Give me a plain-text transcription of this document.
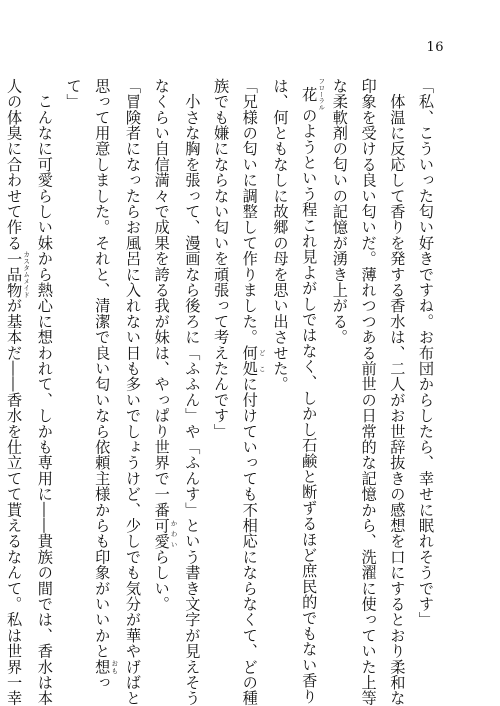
16
「私、こういった匂い好きですね。お布団からしたら、幸せに眠れそうです」
　体温に反応して香りを発する香水は、二人がお世辞抜きの感想を口にするとおり柔和な
印象を受ける良い匂いだ。薄れつつある前世の日常的な記憶から、洗濯に使っていた上等
な柔軟剤の匂いの記憶が湧き上がる。
花 フローラルのようという程これ見よがしではなく、しかし石鹸と断ずるほど庶民的でもない香り
は、何ともなしに故郷の母を思い出させた。
「兄様の匂いに調整して作りました。何処 どこに付けていっても不相応にならなくて、どの種
族でも嫌にならない匂いを頑張って考えたんです」
　小さな胸を張って、漫画なら後ろに「ふふん」や「ふんす」という書き文字が見えそう
なくらい自信満々で成果を誇る我が妹は、やっぱり世界で一番可愛 かわいらしい。
「冒険者になったらお風呂に入れない日も多いでしょうけど、少しでも気分が華やげばと
思って用意しました。それと、清潔で良い匂いなら依頼主様からも印象がいいかと想 おもっ
て」
　こんなに可愛らしい妹から熱心に想われて、しかも専用に――貴族の間では、香水は本
人の体臭に合わせて作る一品物 カスタムメイドが基本だ――香水を仕立てて貰えるなんて。私は世界一幸
